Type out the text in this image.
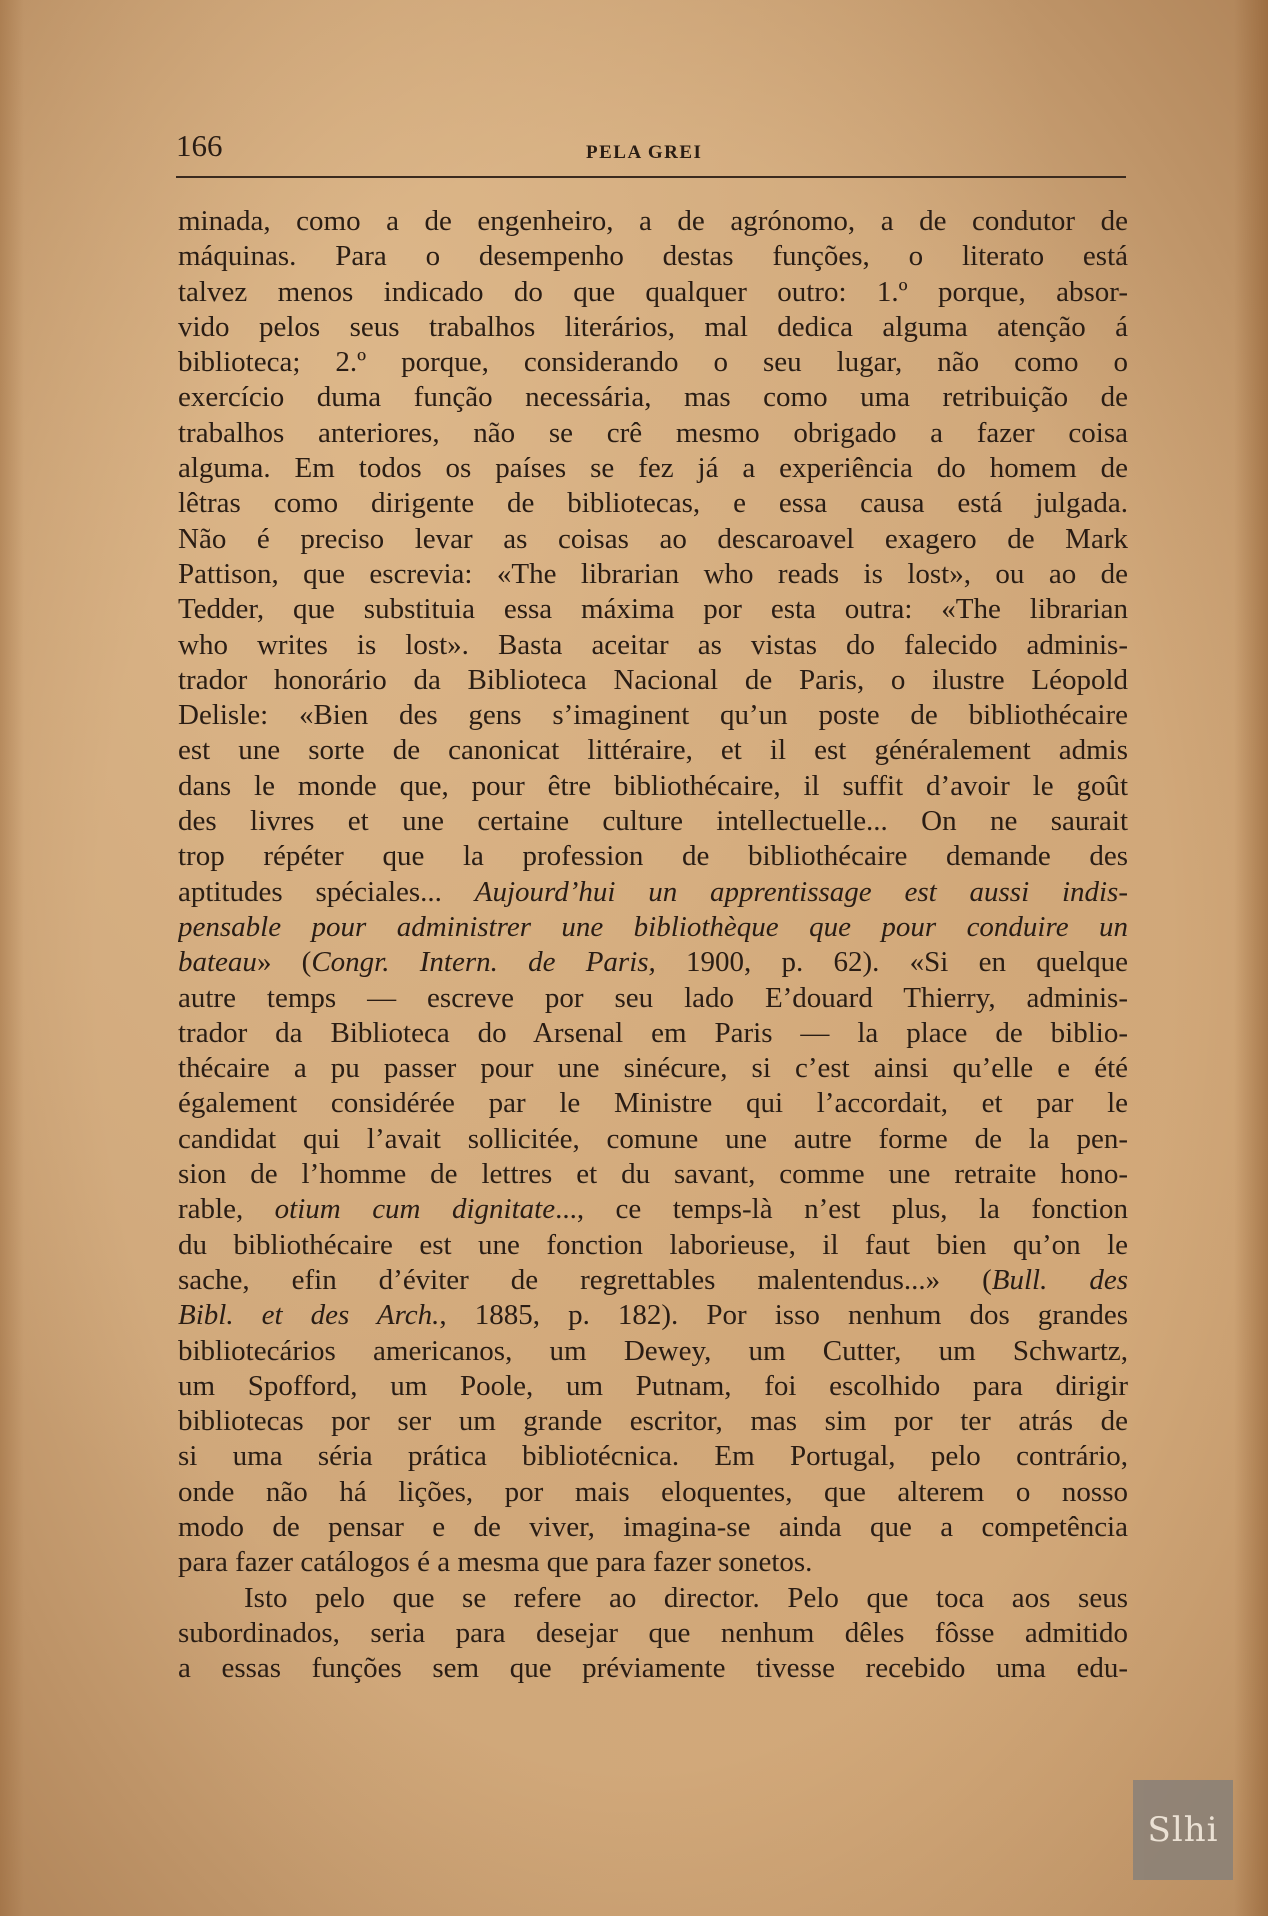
166	PELA GREI
minada, como a de engenheiro, a de agrónomo, a de condutor de
máquinas. Para o desempenho destas funções, o literato está
talvez menos indicado do que qualquer outro: 1.º porque, absor-
vido pelos seus trabalhos literários, mal dedica alguma atenção á
biblioteca; 2.º porque, considerando o seu lugar, não como o
exercício duma função necessária, mas como uma retribuição de
trabalhos anteriores, não se crê mesmo obrigado a fazer coisa
alguma. Em todos os países se fez já a experiência do homem de
lêtras como dirigente de bibliotecas, e essa causa está julgada.
Não é preciso levar as coisas ao descaroavel exagero de Mark
Pattison, que escrevia: «The librarian who reads is lost», ou ao de
Tedder, que substituia essa máxima por esta outra: «The librarian
who writes is lost». Basta aceitar as vistas do falecido adminis-
trador honorário da Biblioteca Nacional de Paris, o ilustre Léopold
Delisle: «Bien des gens s’imaginent qu’un poste de bibliothécaire
est une sorte de canonicat littéraire, et il est généralement admis
dans le monde que, pour être bibliothécaire, il suffit d’avoir le goût
des livres et une certaine culture intellectuelle... On ne saurait
trop répéter que la profession de bibliothécaire demande des
aptitudes spéciales... Aujourd’hui un apprentissage est aussi indis-
pensable pour administrer une bibliothèque que pour conduire un
bateau» (Congr. Intern. de Paris, 1900, p. 62). «Si en quelque
autre temps — escreve por seu lado E’douard Thierry, adminis-
trador da Biblioteca do Arsenal em Paris — la place de biblio-
thécaire a pu passer pour une sinécure, si c’est ainsi qu’elle e été
également considérée par le Ministre qui l’accordait, et par le
candidat qui l’avait sollicitée, comune une autre forme de la pen-
sion de l’homme de lettres et du savant, comme une retraite hono-
rable, otium cum dignitate..., ce temps-là n’est plus, la fonction
du bibliothécaire est une fonction laborieuse, il faut bien qu’on le
sache, efin d’éviter de regrettables malentendus...» (Bull. des
Bibl. et des Arch., 1885, p. 182). Por isso nenhum dos grandes
bibliotecários americanos, um Dewey, um Cutter, um Schwartz,
um Spofford, um Poole, um Putnam, foi escolhido para dirigir
bibliotecas por ser um grande escritor, mas sim por ter atrás de
si uma séria prática bibliotécnica. Em Portugal, pelo contrário,
onde não há lições, por mais eloquentes, que alterem o nosso
modo de pensar e de viver, imagina-se ainda que a competência
para fazer catálogos é a mesma que para fazer sonetos.
Isto pelo que se refere ao director. Pelo que toca aos seus
subordinados, seria para desejar que nenhum dêles fôsse admitido
a essas funções sem que préviamente tivesse recebido uma edu-
Slhi
